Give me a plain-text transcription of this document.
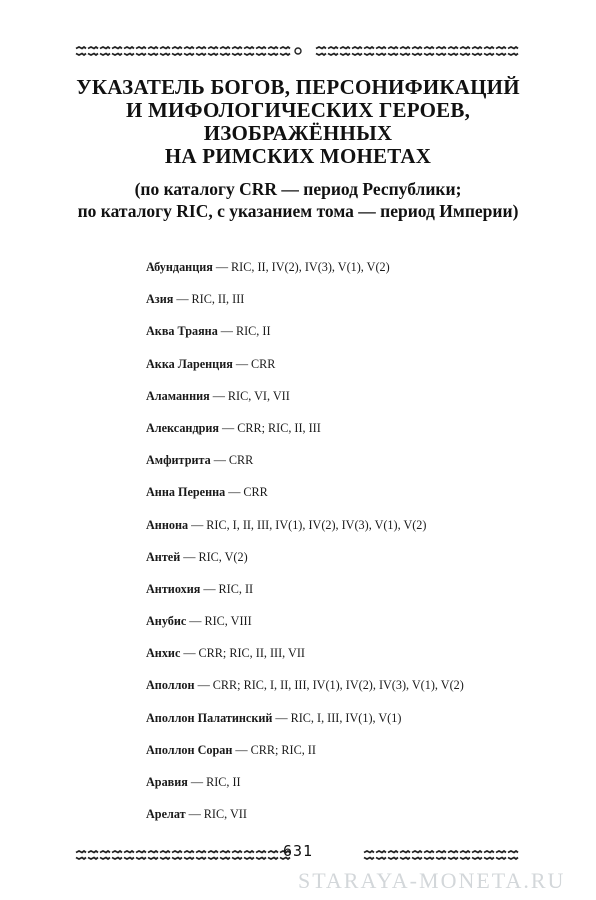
УКАЗАТЕЛЬ БОГОВ, ПЕРСОНИФИКАЦИЙ
И МИФОЛОГИЧЕСКИХ ГЕРОЕВ,
ИЗОБРАЖЁННЫХ
НА РИМСКИХ МОНЕТАХ
(по каталогу CRR — период Республики;
по каталогу RIC, с указанием тома — период Империи)
Абунданция — RIC, II, IV(2), IV(3), V(1), V(2)
Азия — RIC, II, III
Аква Траяна — RIC, II
Акка Ларенция — CRR
Аламанния — RIC, VI, VII
Александрия — CRR; RIC, II, III
Амфитрита — CRR
Анна Перенна — CRR
Аннона — RIC, I, II, III, IV(1), IV(2), IV(3), V(1), V(2)
Антей — RIC, V(2)
Антиохия — RIC, II
Анубис — RIC, VIII
Анхис — CRR; RIC, II, III, VII
Аполлон — CRR; RIC, I, II, III, IV(1), IV(2), IV(3), V(1), V(2)
Аполлон Палатинский — RIC, I, III, IV(1), V(1)
Аполлон Соран — CRR; RIC, II
Аравия — RIC, II
Арелат — RIC, VII
631
STARAYA-MONETA.RU
